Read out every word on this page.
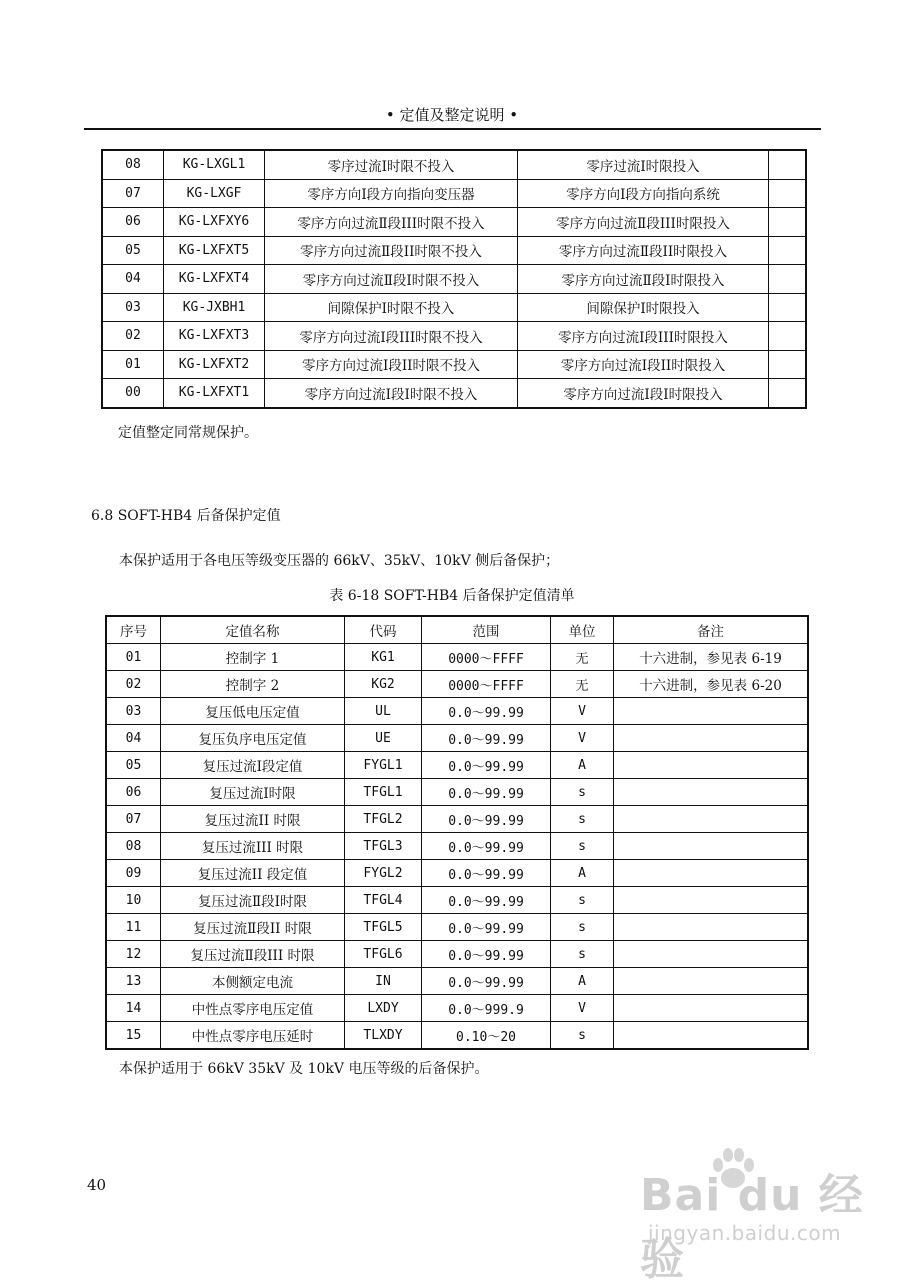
• 定值及整定说明 •
08	KG-LXGL1	零序过流Ⅰ时限不投入	零序过流Ⅰ时限投入	
07	KG-LXGF	零序方向Ⅰ段方向指向变压器	零序方向Ⅰ段方向指向系统	
06	KG-LXFXY6	零序方向过流Ⅱ段III时限不投入	零序方向过流Ⅱ段III时限投入	
05	KG-LXFXT5	零序方向过流Ⅱ段II时限不投入	零序方向过流Ⅱ段II时限投入	
04	KG-LXFXT4	零序方向过流Ⅱ段Ⅰ时限不投入	零序方向过流Ⅱ段Ⅰ时限投入	
03	KG-JXBH1	间隙保护Ⅰ时限不投入	间隙保护Ⅰ时限投入	
02	KG-LXFXT3	零序方向过流Ⅰ段III时限不投入	零序方向过流Ⅰ段III时限投入	
01	KG-LXFXT2	零序方向过流Ⅰ段II时限不投入	零序方向过流Ⅰ段II时限投入	
00	KG-LXFXT1	零序方向过流Ⅰ段Ⅰ时限不投入	零序方向过流Ⅰ段Ⅰ时限投入	
定值整定同常规保护。
6.8 SOFT-HB4 后备保护定值
本保护适用于各电压等级变压器的 66kV、35kV、10kV 侧后备保护；
表 6-18 SOFT-HB4 后备保护定值清单
序号	定值名称	代码	范围	单位	备注
01	控制字 1	KG1	0000～FFFF	无	十六进制，参见表 6-19
02	控制字 2	KG2	0000～FFFF	无	十六进制，参见表 6-20
03	复压低电压定值	UL	0.0～99.99	V	
04	复压负序电压定值	UE	0.0～99.99	V	
05	复压过流Ⅰ段定值	FYGL1	0.0～99.99	A	
06	复压过流Ⅰ时限	TFGL1	0.0～99.99	s	
07	复压过流II 时限	TFGL2	0.0～99.99	s	
08	复压过流III 时限	TFGL3	0.0～99.99	s	
09	复压过流II 段定值	FYGL2	0.0～99.99	A	
10	复压过流Ⅱ段Ⅰ时限	TFGL4	0.0～99.99	s	
11	复压过流Ⅱ段II 时限	TFGL5	0.0～99.99	s	
12	复压过流Ⅱ段III 时限	TFGL6	0.0～99.99	s	
13	本侧额定电流	IN	0.0～99.99	A	
14	中性点零序电压定值	LXDY	0.0～999.9	V	
15	中性点零序电压延时	TLXDY	0.10～20	s	
本保护适用于 66kV 35kV 及 10kV 电压等级的后备保护。
40	Bai du 经验
jingyan.baidu.com
